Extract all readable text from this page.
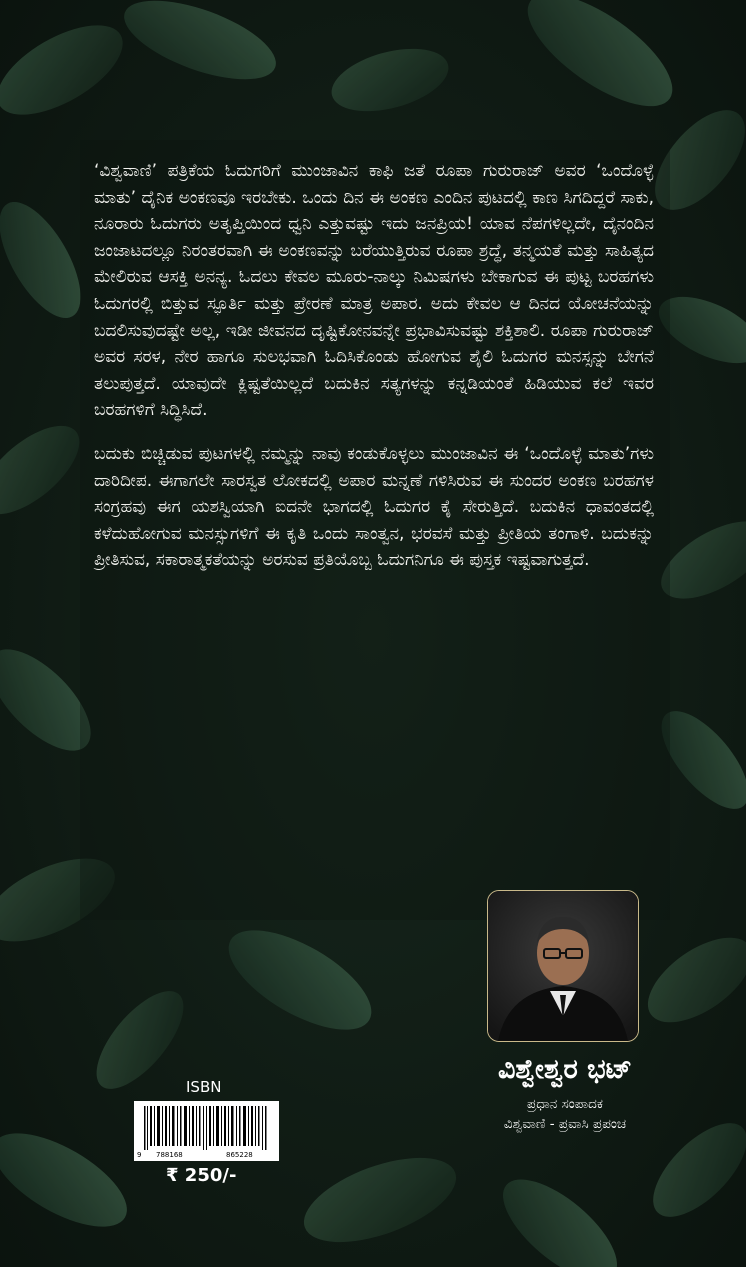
‘ವಿಶ್ವವಾಣಿ’ ಪತ್ರಿಕೆಯ ಓದುಗರಿಗೆ ಮುಂಜಾವಿನ ಕಾಫಿ ಜತೆ ರೂಪಾ ಗುರುರಾಜ್ ಅವರ ‘ಒಂದೊಳ್ಳೆ ಮಾತು’ ದೈನಿಕ ಅಂಕಣವೂ ಇರಬೇಕು. ಒಂದು ದಿನ ಈ ಅಂಕಣ ಎಂದಿನ ಪುಟದಲ್ಲಿ ಕಾಣ ಸಿಗದಿದ್ದರೆ ಸಾಕು, ನೂರಾರು ಓದುಗರು ಅತೃಪ್ತಿಯಿಂದ ಧ್ವನಿ ಎತ್ತುವಷ್ಟು ಇದು ಜನಪ್ರಿಯ! ಯಾವ ನೆಪಗಳಿಲ್ಲದೇ, ದೈನಂದಿನ ಜಂಜಾಟದಲ್ಲೂ ನಿರಂತರವಾಗಿ ಈ ಅಂಕಣವನ್ನು ಬರೆಯುತ್ತಿರುವ ರೂಪಾ ಶ್ರದ್ಧೆ, ತನ್ಮಯತೆ ಮತ್ತು ಸಾಹಿತ್ಯದ ಮೇಲಿರುವ ಆಸಕ್ತಿ ಅನನ್ಯ. ಓದಲು ಕೇವಲ ಮೂರು-ನಾಲ್ಕು ನಿಮಿಷಗಳು ಬೇಕಾಗುವ ಈ ಪುಟ್ಟ ಬರಹಗಳು ಓದುಗರಲ್ಲಿ ಬಿತ್ತುವ ಸ್ಫೂರ್ತಿ ಮತ್ತು ಪ್ರೇರಣೆ ಮಾತ್ರ ಅಪಾರ. ಅದು ಕೇವಲ ಆ ದಿನದ ಯೋಚನೆಯನ್ನು ಬದಲಿಸುವುದಷ್ಟೇ ಅಲ್ಲ, ಇಡೀ ಜೀವನದ ದೃಷ್ಟಿಕೋನವನ್ನೇ ಪ್ರಭಾವಿಸುವಷ್ಟು ಶಕ್ತಿಶಾಲಿ. ರೂಪಾ ಗುರುರಾಜ್ ಅವರ ಸರಳ, ನೇರ ಹಾಗೂ ಸುಲಭವಾಗಿ ಓದಿಸಿಕೊಂಡು ಹೋಗುವ ಶೈಲಿ ಓದುಗರ ಮನಸ್ಸನ್ನು ಬೇಗನೆ ತಲುಪುತ್ತದೆ. ಯಾವುದೇ ಕ್ಲಿಷ್ಟತೆಯಿಲ್ಲದೆ ಬದುಕಿನ ಸತ್ಯಗಳನ್ನು ಕನ್ನಡಿಯಂತೆ ಹಿಡಿಯುವ ಕಲೆ ಇವರ ಬರಹಗಳಿಗೆ ಸಿದ್ಧಿಸಿದೆ.

ಬದುಕು ಬಿಚ್ಚಿಡುವ ಪುಟಗಳಲ್ಲಿ ನಮ್ಮನ್ನು ನಾವು ಕಂಡುಕೊಳ್ಳಲು ಮುಂಜಾವಿನ ಈ ‘ಒಂದೊಳ್ಳೆ ಮಾತು’ಗಳು ದಾರಿದೀಪ. ಈಗಾಗಲೇ ಸಾರಸ್ವತ ಲೋಕದಲ್ಲಿ ಅಪಾರ ಮನ್ನಣೆ ಗಳಿಸಿರುವ ಈ ಸುಂದರ ಅಂಕಣ ಬರಹಗಳ ಸಂಗ್ರಹವು ಈಗ ಯಶಸ್ವಿಯಾಗಿ ಐದನೇ ಭಾಗದಲ್ಲಿ ಓದುಗರ ಕೈ ಸೇರುತ್ತಿದೆ. ಬದುಕಿನ ಧಾವಂತದಲ್ಲಿ ಕಳೆದುಹೋಗುವ ಮನಸ್ಸುಗಳಿಗೆ ಈ ಕೃತಿ ಒಂದು ಸಾಂತ್ವನ, ಭರವಸೆ ಮತ್ತು ಪ್ರೀತಿಯ ತಂಗಾಳಿ. ಬದುಕನ್ನು ಪ್ರೀತಿಸುವ, ಸಕಾರಾತ್ಮಕತೆಯನ್ನು ಅರಸುವ ಪ್ರತಿಯೊಬ್ಬ ಓದುಗನಿಗೂ ಈ ಪುಸ್ತಕ ಇಷ್ಟವಾಗುತ್ತದೆ.

ವಿಶ್ವೇಶ್ವರ ಭಟ್
ಪ್ರಧಾನ ಸಂಪಾದಕ
ವಿಶ್ವವಾಣಿ - ಪ್ರವಾಸಿ ಪ್ರಪಂಚ
ISBN
9 788168	865228
₹ 250/-
